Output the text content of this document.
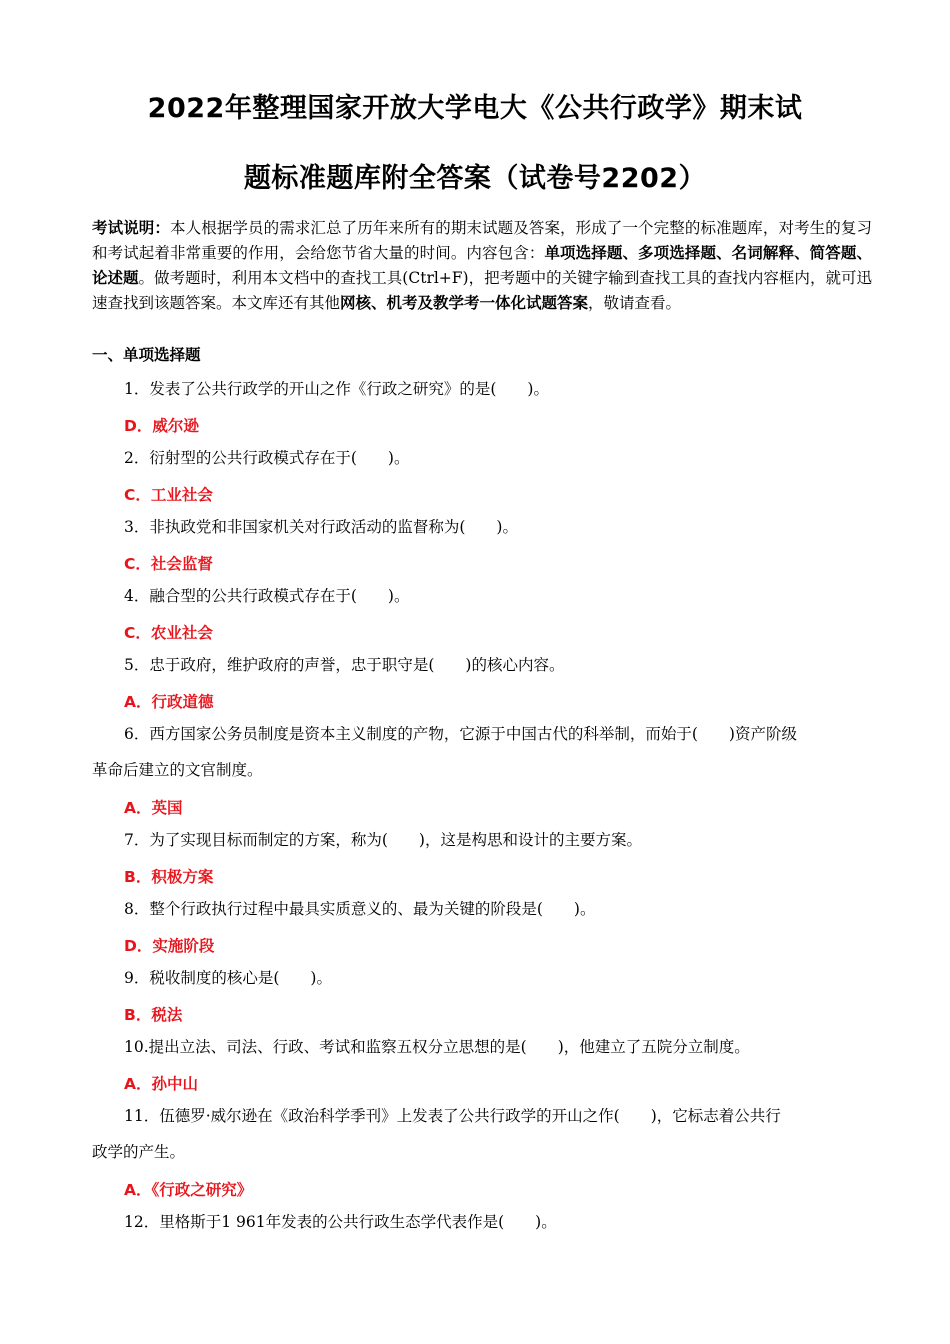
2022年整理国家开放大学电大《公共行政学》期末试
题标准题库附全答案（试卷号2202）
考试说明：本人根据学员的需求汇总了历年来所有的期末试题及答案，形成了一个完整的标准题库，对考生的复习和考试起着非常重要的作用，会给您节省大量的时间。内容包含：单项选择题、多项选择题、名词解释、简答题、论述题。做考题时，利用本文档中的查找工具(Ctrl+F)，把考题中的关键字输到查找工具的查找内容框内，就可迅速查找到该题答案。本文库还有其他网核、机考及教学考一体化试题答案，敬请查看。
一、单项选择题
1．发表了公共行政学的开山之作《行政之研究》的是(　　)。
D．威尔逊
2．衍射型的公共行政模式存在于(　　)。
C．工业社会
3．非执政党和非国家机关对行政活动的监督称为(　　)。
C．社会监督
4．融合型的公共行政模式存在于(　　)。
C．农业社会
5．忠于政府，维护政府的声誉，忠于职守是(　　)的核心内容。
A．行政道德
6．西方国家公务员制度是资本主义制度的产物，它源于中国古代的科举制，而始于(　　)资产阶级
革命后建立的文官制度。
A．英国
7．为了实现目标而制定的方案，称为(　　)，这是构思和设计的主要方案。
B．积极方案
8．整个行政执行过程中最具实质意义的、最为关键的阶段是(　　)。
D．实施阶段
9．税收制度的核心是(　　)。
B．税法
10.提出立法、司法、行政、考试和监察五权分立思想的是(　　)，他建立了五院分立制度。
A．孙中山
11．伍德罗·威尔逊在《政治科学季刊》上发表了公共行政学的开山之作(　　)，它标志着公共行
政学的产生。
A．《行政之研究》
12．里格斯于1 961年发表的公共行政生态学代表作是(　　)。
